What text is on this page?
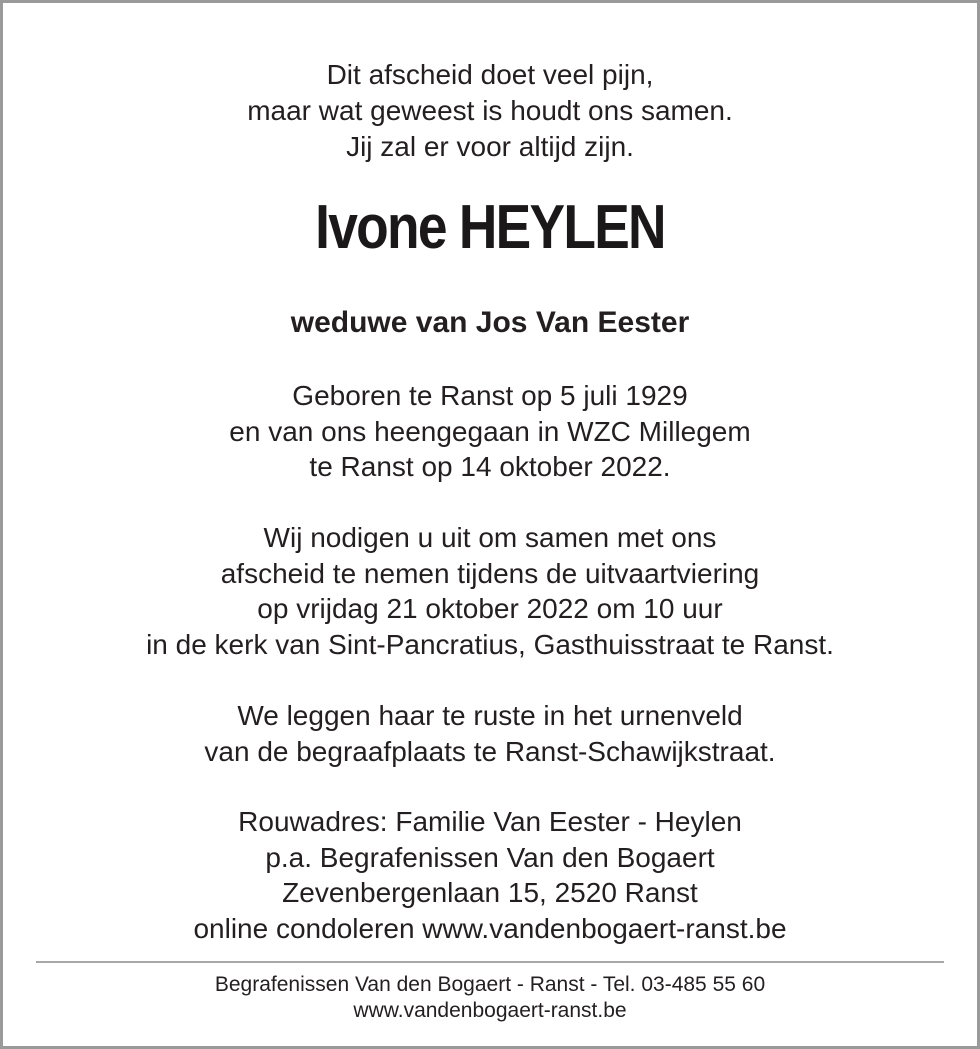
Dit afscheid doet veel pijn,
maar wat geweest is houdt ons samen.
Jij zal er voor altijd zijn.
Ivone HEYLEN
weduwe van Jos Van Eester
Geboren te Ranst op 5 juli 1929
en van ons heengegaan in WZC Millegem
te Ranst op 14 oktober 2022.
Wij nodigen u uit om samen met ons
afscheid te nemen tijdens de uitvaartviering
op vrijdag 21 oktober 2022 om 10 uur
in de kerk van Sint-Pancratius, Gasthuisstraat te Ranst.
We leggen haar te ruste in het urnenveld
van de begraafplaats te Ranst-Schawijkstraat.
Rouwadres: Familie Van Eester - Heylen
p.a. Begrafenissen Van den Bogaert
Zevenbergenlaan 15, 2520 Ranst
online condoleren www.vandenbogaert-ranst.be
Begrafenissen Van den Bogaert - Ranst - Tel. 03-485 55 60
www.vandenbogaert-ranst.be
